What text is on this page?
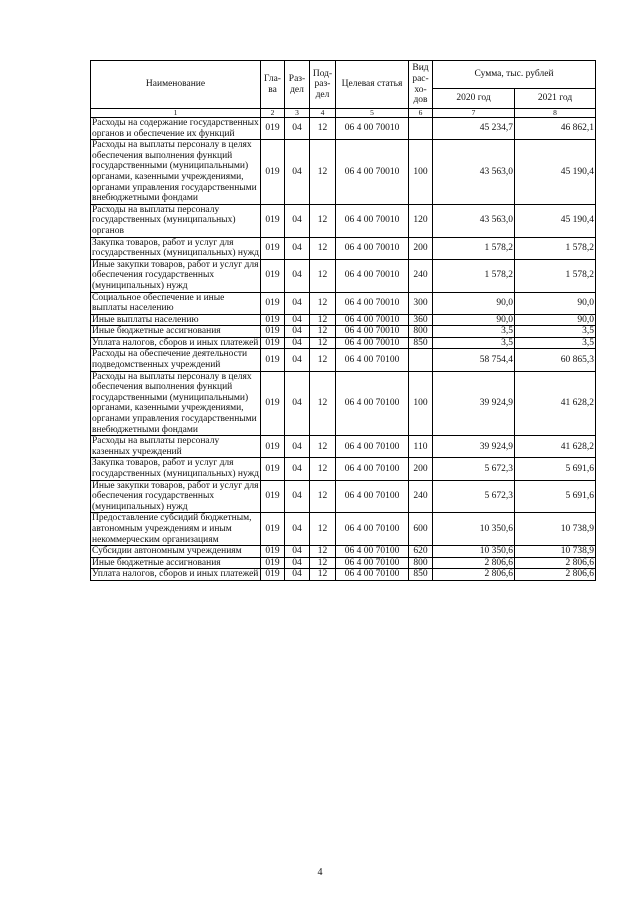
Наименование	Гла-ва	Раз-дел	Под-раз-дел	Целевая статья	Вид рас-хо-дов	Сумма, тыс. рублей	
						2020 год	2021 год
1	2	3	4	5	6	7	8
Расходы на содержание государственных органов и обеспечение их функций	019	04	12	06 4 00 70010		45 234,7	46 862,1
Расходы на выплаты персоналу в целях обеспечения выполнения функций государственными (муниципальными) органами, казенными учреждениями, органами управления государственными внебюджетными фондами	019	04	12	06 4 00 70010	100	43 563,0	45 190,4
Расходы на выплаты персоналу государственных (муниципальных) органов	019	04	12	06 4 00 70010	120	43 563,0	45 190,4
Закупка товаров, работ и услуг для государственных (муниципальных) нужд	019	04	12	06 4 00 70010	200	1 578,2	1 578,2
Иные закупки товаров, работ и услуг для обеспечения государственных (муниципальных) нужд	019	04	12	06 4 00 70010	240	1 578,2	1 578,2
Социальное обеспечение и иные выплаты населению	019	04	12	06 4 00 70010	300	90,0	90,0
Иные выплаты населению	019	04	12	06 4 00 70010	360	90,0	90,0
Иные бюджетные ассигнования	019	04	12	06 4 00 70010	800	3,5	3,5
Уплата налогов, сборов и иных платежей	019	04	12	06 4 00 70010	850	3,5	3,5
Расходы на обеспечение деятельности подведомственных учреждений	019	04	12	06 4 00 70100		58 754,4	60 865,3
Расходы на выплаты персоналу в целях обеспечения выполнения функций государственными (муниципальными) органами, казенными учреждениями, органами управления государственными внебюджетными фондами	019	04	12	06 4 00 70100	100	39 924,9	41 628,2
Расходы на выплаты персоналу казенных учреждений	019	04	12	06 4 00 70100	110	39 924,9	41 628,2
Закупка товаров, работ и услуг для государственных (муниципальных) нужд	019	04	12	06 4 00 70100	200	5 672,3	5 691,6
Иные закупки товаров, работ и услуг для обеспечения государственных (муниципальных) нужд	019	04	12	06 4 00 70100	240	5 672,3	5 691,6
Предоставление субсидий бюджетным, автономным учреждениям и иным некоммерческим организациям	019	04	12	06 4 00 70100	600	10 350,6	10 738,9
Субсидии автономным учреждениям	019	04	12	06 4 00 70100	620	10 350,6	10 738,9
Иные бюджетные ассигнования	019	04	12	06 4 00 70100	800	2 806,6	2 806,6
Уплата налогов, сборов и иных платежей	019	04	12	06 4 00 70100	850	2 806,6	2 806,6
4
